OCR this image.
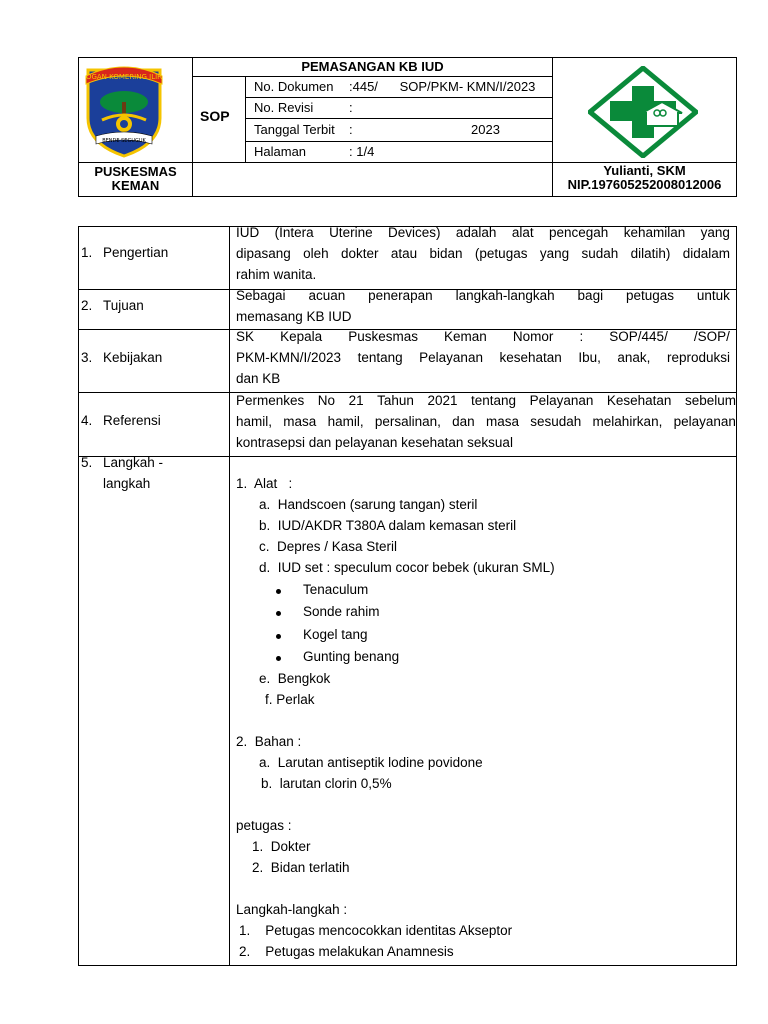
OGAN KOMERING ILIR
BENDE SEGUGUK
PUSKESMAS
KEMAN
PEMASANGAN KB IUD
SOP
No. Dokumen :445/      SOP/PKM- KMN/I/2023
No. Revisi	:
Tanggal Terbit :	2023
Halaman	: 1/4
Yulianti, SKM
NIP.197605252008012006
1. Pengertian
IUD (Intera Uterine Devices) adalah alat pencegah kehamilan yang
dipasang oleh dokter atau bidan (petugas yang sudah dilatih) didalam
rahim wanita.
2. Tujuan
Sebagai acuan penerapan langkah-langkah bagi petugas untuk
memasang KB IUD
3. Kebijakan
SK Kepala Puskesmas Keman Nomor : SOP/445/ /SOP/
PKM-KMN/I/2023 tentang Pelayanan kesehatan Ibu, anak, reproduksi
dan KB
4. Referensi
Permenkes No 21 Tahun 2021 tentang Pelayanan Kesehatan sebelum
hamil, masa hamil, persalinan, dan masa sesudah melahirkan, pelayanan
kontrasepsi dan pelayanan kesehatan seksual
5. Langkah -
langkah	1.  Alat   :
a.  Handscoen (sarung tangan) steril
b.  IUD/AKDR T380A dalam kemasan steril
c.  Depres / Kasa Steril
d.  IUD set : speculum cocor bebek (ukuran SML)
Tenaculum
Sonde rahim
Kogel tang
Gunting benang
e.  Bengkok
f. Perlak
2.  Bahan :
a.  Larutan antiseptik lodine povidone
b.  larutan clorin 0,5%
petugas :
1.  Dokter
2.  Bidan terlatih
Langkah-langkah :
1.    Petugas mencocokkan identitas Akseptor
2.    Petugas melakukan Anamnesis
